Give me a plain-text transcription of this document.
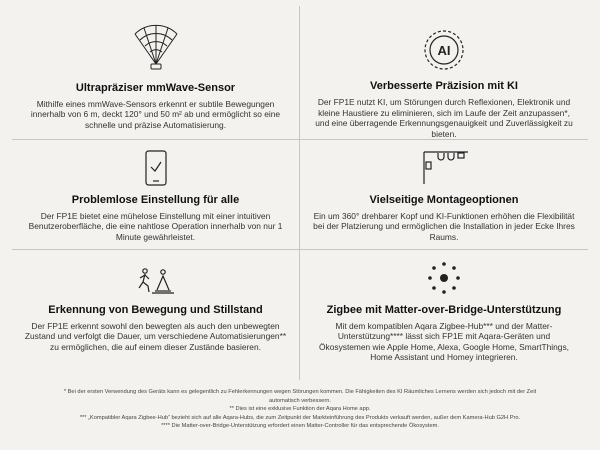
Ultrapräziser mmWave-Sensor
Mithilfe eines mmWave-Sensors erkennt er subtile Bewegungen innerhalb von 6 m, deckt 120° und 50 m² ab und ermöglicht so eine schnelle und präzise Automatisierung.
AI
Verbesserte Präzision mit KI
Der FP1E nutzt KI, um Störungen durch Reflexionen, Elektronik und kleine Haustiere zu eliminieren, sich im Laufe der Zeit anzupassen*, und eine überragende Erkennungsgenauigkeit und Zuverlässigkeit zu bieten.
Problemlose Einstellung für alle
Der FP1E bietet eine mühelose Einstellung mit einer intuitiven Benutzeroberfläche, die eine nahtlose Operation innerhalb von nur 1 Minute gewährleistet.
Vielseitige Montageoptionen
Ein um 360° drehbarer Kopf und KI-Funktionen erhöhen die Flexibilität bei der Platzierung und ermöglichen die Installation in jeder Ecke Ihres Raums.
Erkennung von Bewegung und Stillstand
Der FP1E erkennt sowohl den bewegten als auch den unbewegten Zustand und verfolgt die Dauer, um verschiedene Automatisierungen** zu ermöglichen, die auf einem dieser Zustände basieren.
Zigbee mit Matter-over-Bridge-Unterstützung
Mit dem kompatiblen Aqara Zigbee-Hub*** und der Matter-Unterstützung**** lässt sich FP1E mit Aqara-Geräten und Ökosystemen wie Apple Home, Alexa, Google Home, SmartThings, Home Assistant und Homey integrieren.
* Bei der ersten Verwendung des Geräts kann es gelegentlich zu Fehlerkennungen wegen Störungen kommen. Die Fähigkeiten des KI Räumliches Lernens werden sich jedoch mit der Zeit
automatisch verbessern.
** Dies ist eine exklusive Funktion der Aqara Home app.
*** „Kompatibler Aqara Zigbee-Hub“ bezieht sich auf alle Aqara-Hubs, die zum Zeitpunkt der Markteinführung des Produkts verkauft werden, außer dem Kamera-Hub G2H Pro.
**** Die Matter-over-Bridge-Unterstützung erfordert einen Matter-Controller für das entsprechende Ökosystem.
